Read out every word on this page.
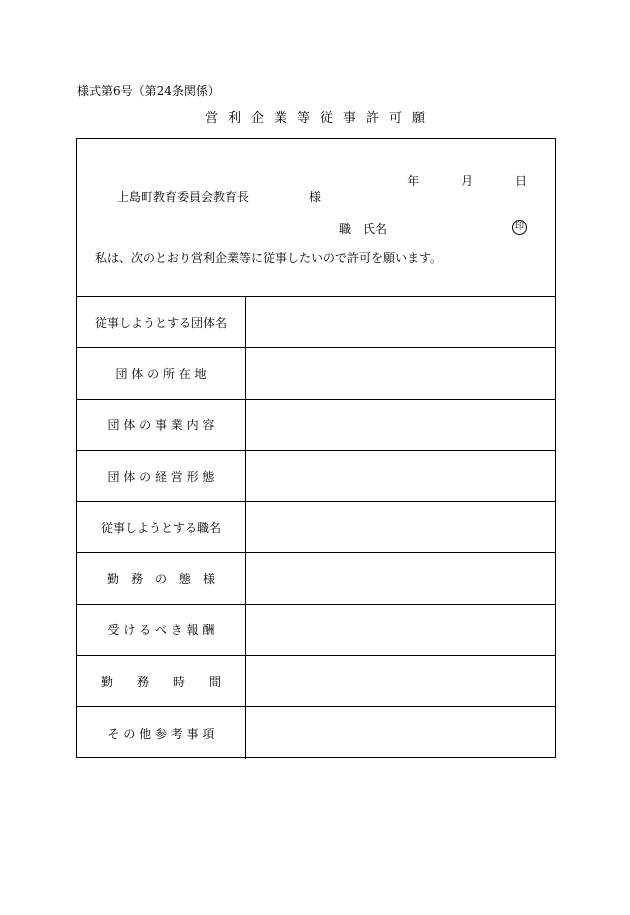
様式第6号（第24条関係）
営利企業等従事許可願
年	月	日
上島町教育委員会教育長	様
職　氏名	印
私は、次のとおり営利企業等に従事したいので許可を願います。
従事しようとする団体名
団 体 の 所 在 地
団 体 の 事 業 内 容
団 体 の 経 営 形 態
従事しようとする職名
勤　務　の　態　様
受 け る べ き 報 酬
勤　　務　　時　　間
そ の 他 参 考 事 項
